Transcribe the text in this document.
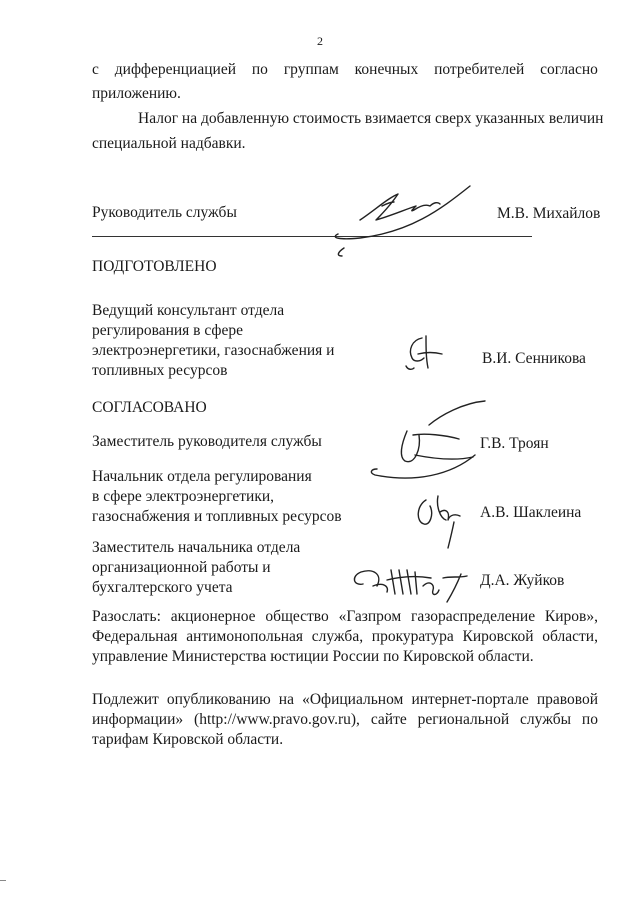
2
с дифференциацией по группам конечных потребителей согласно
приложению.
Налог на добавленную стоимость взимается сверх указанных величин
специальной надбавки.
Руководитель службы	М.В. Михайлов
ПОДГОТОВЛЕНО
Ведущий консультант отдела
регулирования в сфере
электроэнергетики, газоснабжения и
топливных ресурсов
В.И. Сенникова
СОГЛАСОВАНО
Заместитель руководителя службы	Г.В. Троян
Начальник отдела регулирования
в сфере электроэнергетики,
газоснабжения и топливных ресурсов	А.В. Шаклеина
Заместитель начальника отдела
организационной работы и
бухгалтерского учета	Д.А. Жуйков
Разослать: акционерное общество «Газпром газораспределение Киров»,
Федеральная антимонопольная служба, прокуратура Кировской области,
управление Министерства юстиции России по Кировской области.
Подлежит опубликованию на «Официальном интернет-портале правовой
информации» (http://www.pravo.gov.ru), сайте региональной службы по
тарифам Кировской области.
